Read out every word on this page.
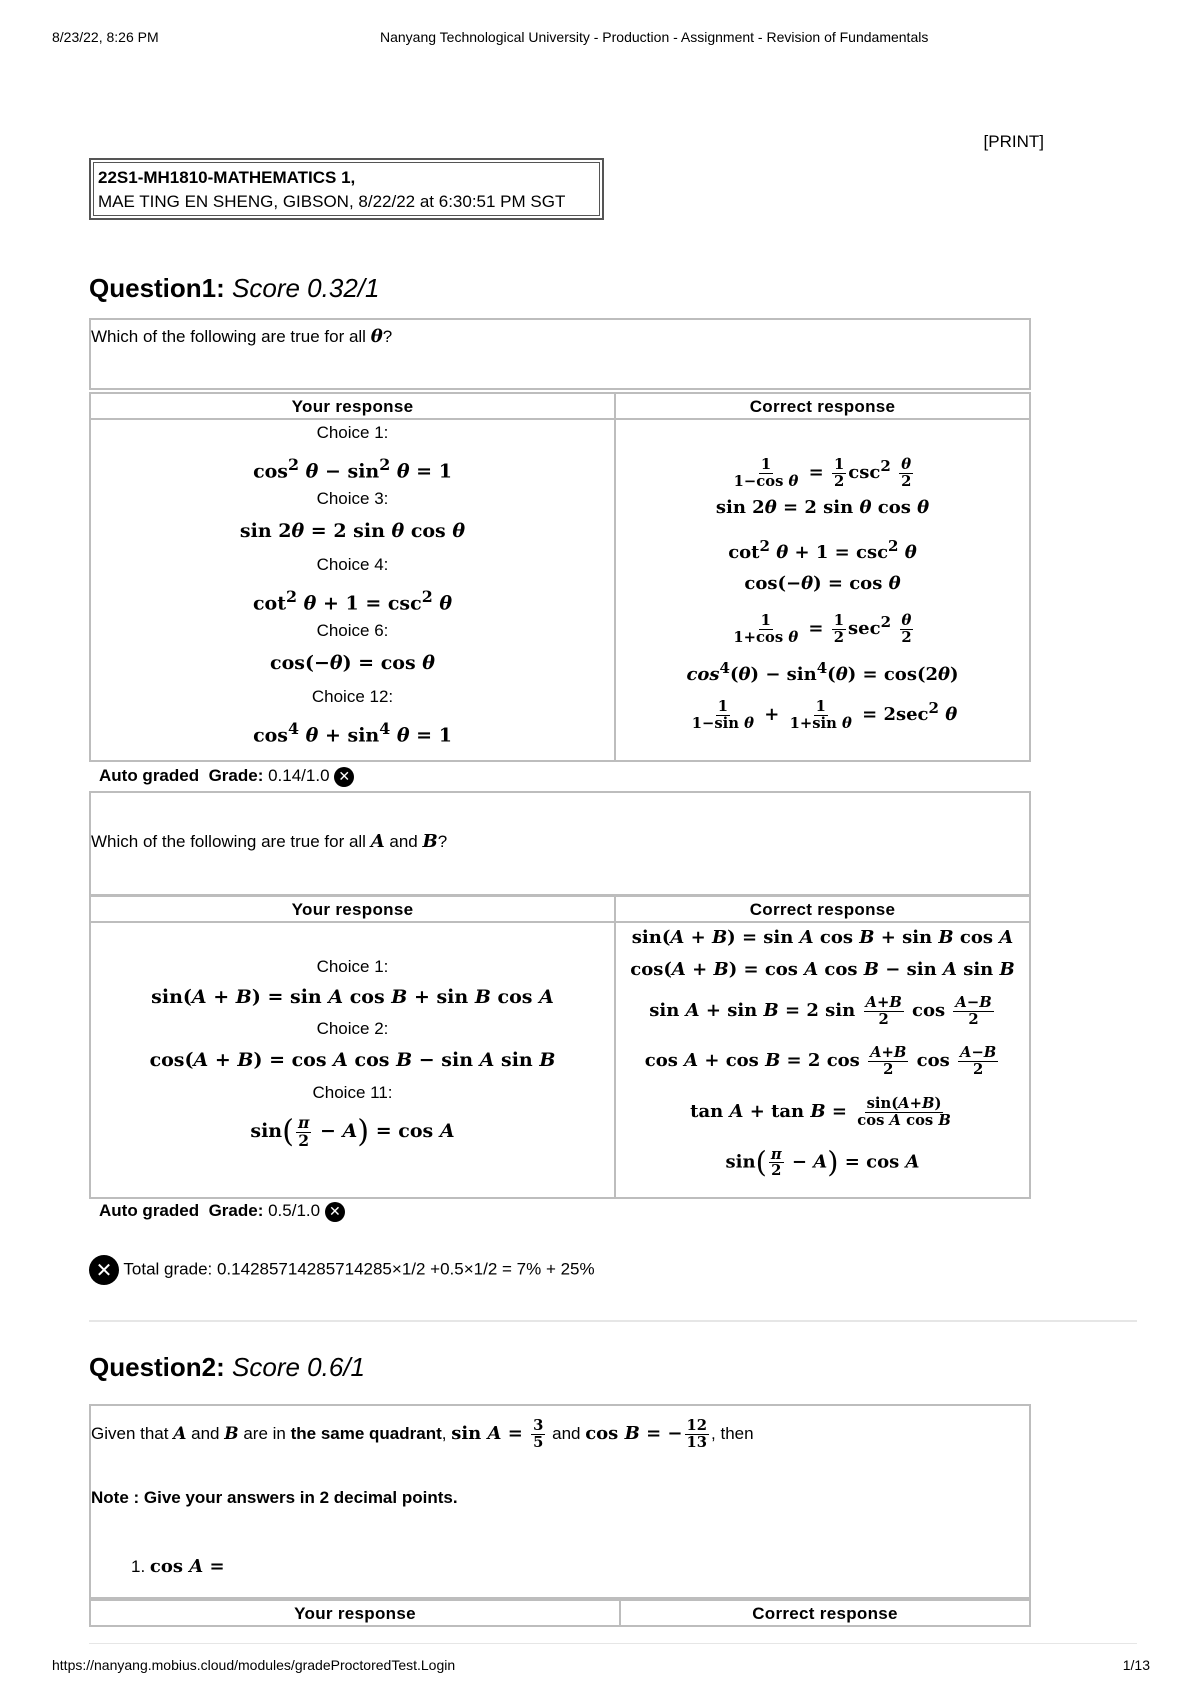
8/23/22, 8:26 PM	Nanyang Technological University - Production - Assignment - Revision of Fundamentals
[PRINT]
22S1-MH1810-MATHEMATICS 1,
MAE TING EN SHENG, GIBSON, 8/22/22 at 6:30:51 PM SGT
Question1: Score 0.32/1
Which of the following are true for all θ?
Your response	Correct response
Choice 1:
$\cos^2 \theta - \sin^2 \theta = 1$
Choice 3:
sin 2θ = 2 sin θ cos θ
Choice 4:
$\cot^2 \theta + 1 = \csc^2 \theta$
Choice 6:
cos(−θ) = cos θ
Choice 12:
$\cos^4 \theta + \sin^4 \theta = 1$
$\frac{1}{\text{1−cos θ}} = \frac{1}{2} \csc^2 \frac{\theta}{2}$
sin 2θ = 2 sin θ cos θ
$\cot^2 \theta + 1 = \csc^2 \theta$
cos(−θ) = cos θ
$\frac{1}{\text{1+cos θ}} = \frac{1}{2} \sec^2 \frac{\theta}{2}$
$\cos^4(\theta) - \sin^4(\theta) = \cos(2\theta)$
$\frac{1}{\text{1−sin θ}} + \frac{1}{\text{1+sin θ}} = 2\sec^2$ θ
Auto graded Grade: 0.14/1.0 ✕
Which of the following are true for all A and B?
Your response	Correct response
Choice 1:
sin(A + B) = sin A cos B + sin B cos A
Choice 2:
cos(A + B) = cos A cos B − sin A sin B
Choice 11:
$\sin( \frac{\pi}{2} - A) = \cos A$
sin(A + B) = sin A cos B + sin B cos A
cos(A + B) = cos A cos B − sin A sin B
sin A + sin B = 2 $\sin \frac{A+B}{2}$ $\cos \frac{A-B}{2}$
cos A + cos B = 2 $\cos \frac{A+B}{2}$ $\cos \frac{A-B}{2}$
$\tan A + \tan B = \frac{\sin(A+B)}{\text{cos A cos B}}$
$\sin( \frac{\pi}{2} - A) = \cos A$
Auto graded Grade: 0.5/1.0 ✕
✕ Total grade: 0.14285714285714285×1/2 +0.5×1/2 = 7% + 25%
Question2: Score 0.6/1
Given that A and B are in the same quadrant, $\sin A = \frac{3}{5}$ and cos B = − $\frac{12}{13}$ , then
Note : Give your answers in 2 decimal points.
1. cos A =
Your response	Correct response
https://nanyang.mobius.cloud/modules/gradeProctoredTest.Login	1/13
